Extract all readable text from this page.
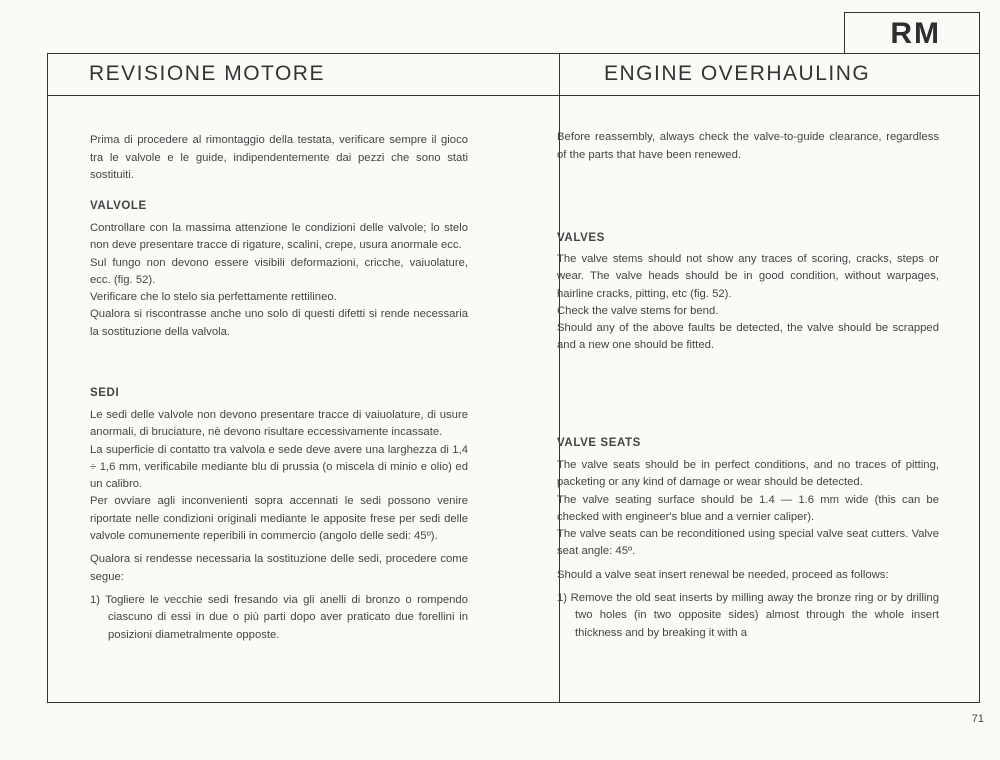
RM
REVISIONE MOTORE	ENGINE OVERHAULING

Prima di procedere al rimontaggio della testata, verificare sempre il gioco tra le valvole e le guide, indipendentemente dai pezzi che sono stati sostituiti.

VALVOLE

Controllare con la massima attenzione le condizioni delle valvole; lo stelo non deve presentare tracce di rigature, scalini, crepe, usura anormale ecc.

Sul fungo non devono essere visibili deformazioni, cricche, vaiuolature, ecc. (fig. 52).

Verificare che lo stelo sia perfettamente rettilineo.

Qualora si riscontrasse anche uno solo di questi difetti si rende necessaria la sostituzione della valvola.

SEDI

Le sedi delle valvole non devono presentare tracce di vaiuolature, di usure anormali, di bruciature, nè devono risultare eccessivamente incassate.

La superficie di contatto tra valvola e sede deve avere una larghezza di 1,4 ÷ 1,6 mm, verificabile mediante blu di prussia (o miscela di minio e olio) ed un calibro.

Per ovviare agli inconvenienti sopra accennati le sedi possono venire riportate nelle condizioni originali mediante le apposite frese per sedi delle valvole comunemente reperibili in commercio (angolo delle sedi: 45º).

Qualora si rendesse necessaria la sostituzione delle sedi, procedere come segue:

1) Togliere le vecchie sedi fresando via gli anelli di bronzo o rompendo ciascuno di essi in due o più parti dopo aver praticato due forellini in posizioni diametralmente opposte.

Before reassembly, always check the valve-to-guide clearance, regardless of the parts that have been renewed.

VALVES

The valve stems should not show any traces of scoring, cracks, steps or wear. The valve heads should be in good condition, without warpages, hairline cracks, pitting, etc (fig. 52).

Check the valve stems for bend.

Should any of the above faults be detected, the valve should be scrapped and a new one should be fitted.

VALVE SEATS

The valve seats should be in perfect conditions, and no traces of pitting, packeting or any kind of damage or wear should be detected.

The valve seating surface should be 1.4 — 1.6 mm wide (this can be checked with engineer's blue and a vernier caliper).

The valve seats can be reconditioned using special valve seat cutters. Valve seat angle: 45º.

Should a valve seat insert renewal be needed, proceed as follows:

1) Remove the old seat inserts by milling away the bronze ring or by drilling two holes (in two opposite sides) almost through the whole insert thickness and by breaking it with a

71
